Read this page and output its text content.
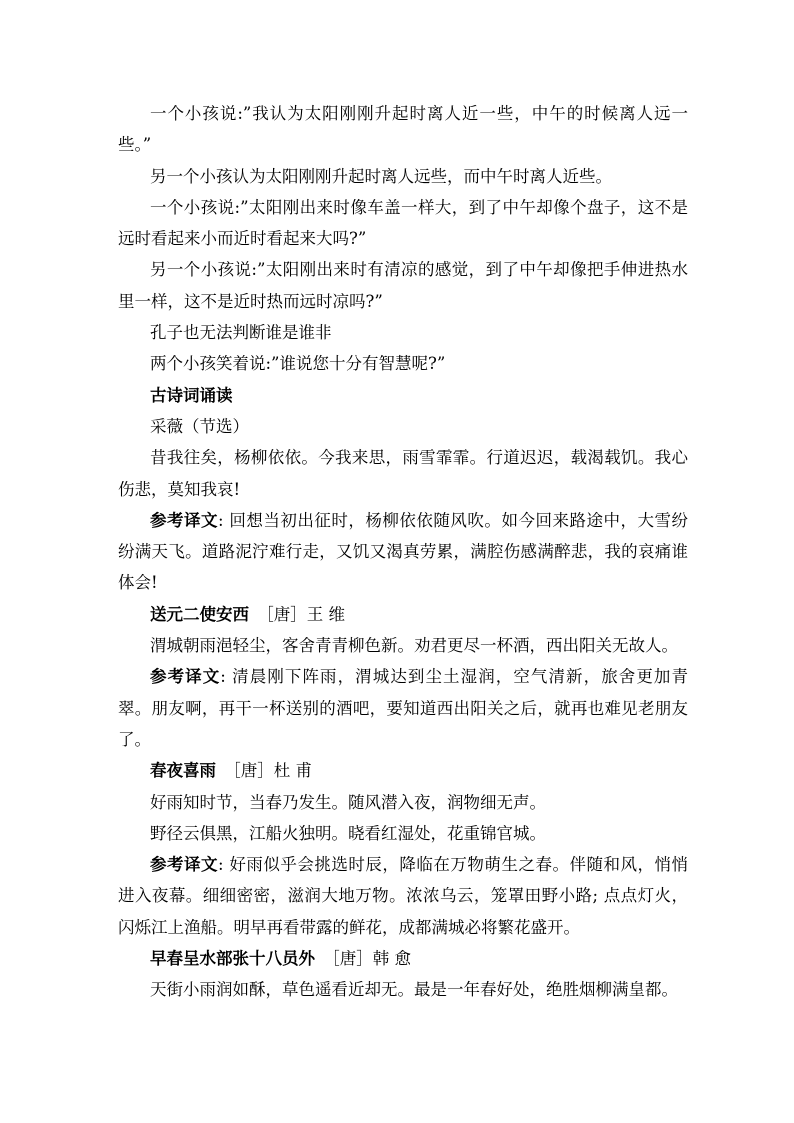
一个小孩说:”我认为太阳刚刚升起时离人近一些，中午的时候离人远一些。”

另一个小孩认为太阳刚刚升起时离人远些，而中午时离人近些。

一个小孩说:”太阳刚出来时像车盖一样大，到了中午却像个盘子，这不是远时看起来小而近时看起来大吗?”

另一个小孩说:”太阳刚出来时有清凉的感觉，到了中午却像把手伸进热水里一样，这不是近时热而远时凉吗?”

孔子也无法判断谁是谁非

两个小孩笑着说:”谁说您十分有智慧呢?”

古诗词诵读

采薇（节选）

昔我往矣，杨柳依依。今我来思，雨雪霏霏。行道迟迟，载渴载饥。我心伤悲，莫知我哀!

参考译文: 回想当初出征时，杨柳依依随风吹。如今回来路途中，大雪纷纷满天飞。道路泥泞难行走，又饥又渴真劳累，满腔伤感满醉悲，我的哀痛谁体会!

送元二使安西　 ［唐］王 维

渭城朝雨浥轻尘，客舍青青柳色新。劝君更尽一杯酒，西出阳关无故人。

参考译文: 清晨刚下阵雨，渭城达到尘土湿润，空气清新，旅舍更加青翠。朋友啊，再干一杯送别的酒吧，要知道西出阳关之后，就再也难见老朋友了。

春夜喜雨　 ［唐］杜 甫

好雨知时节，当春乃发生。随风潜入夜，润物细无声。

野径云俱黑，江船火独明。晓看红湿处，花重锦官城。

参考译文: 好雨似乎会挑选时辰，降临在万物萌生之春。伴随和风，悄悄进入夜幕。细细密密，滋润大地万物。浓浓乌云，笼罩田野小路; 点点灯火，闪烁江上渔船。明早再看带露的鲜花，成都满城必将繁花盛开。

早春呈水部张十八员外　 ［唐］韩 愈

天街小雨润如酥，草色遥看近却无。最是一年春好处，绝胜烟柳满皇都。
